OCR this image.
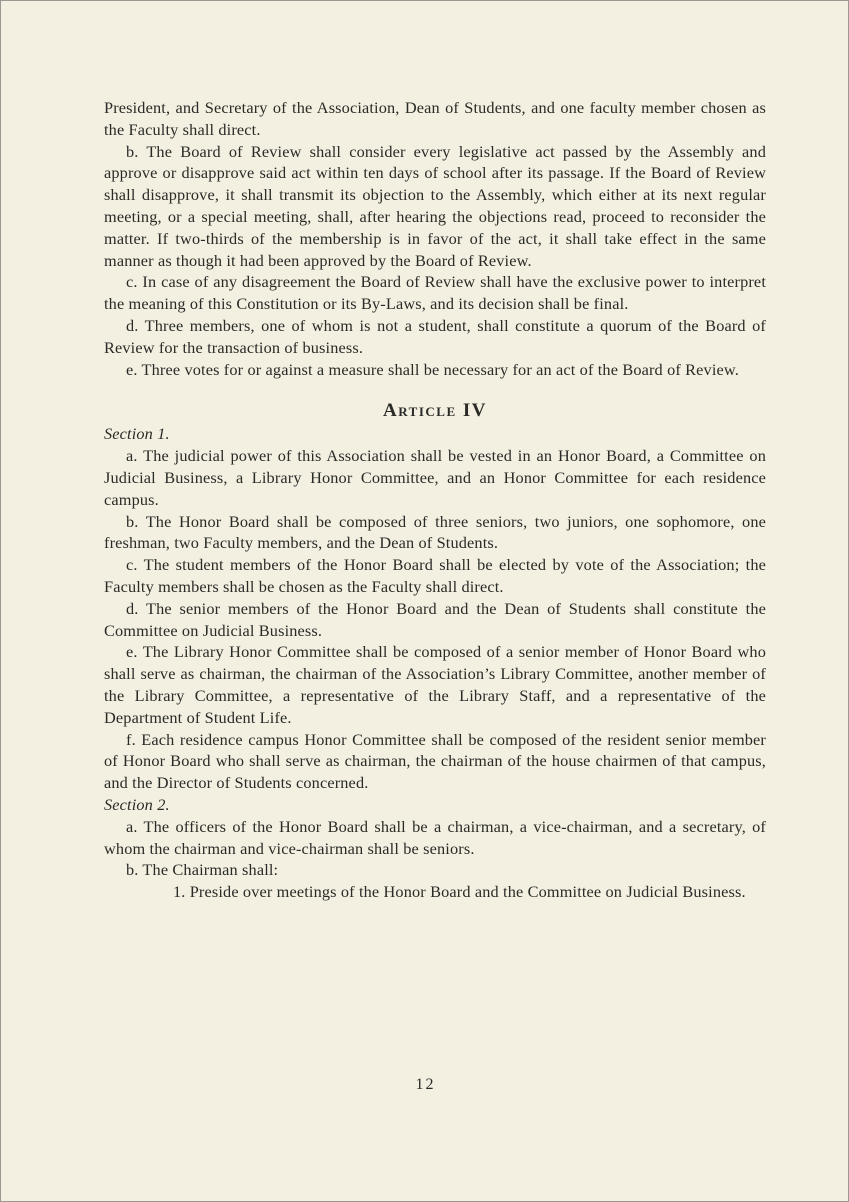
President, and Secretary of the Association, Dean of Students, and one faculty member chosen as the Faculty shall direct.

b. The Board of Review shall consider every legislative act passed by the Assembly and approve or disapprove said act within ten days of school after its passage. If the Board of Review shall disapprove, it shall transmit its objection to the Assembly, which either at its next regular meeting, or a special meeting, shall, after hearing the objections read, proceed to reconsider the matter. If two-thirds of the membership is in favor of the act, it shall take effect in the same manner as though it had been approved by the Board of Review.

c. In case of any disagreement the Board of Review shall have the exclusive power to interpret the meaning of this Constitution or its By-Laws, and its decision shall be final.

d. Three members, one of whom is not a student, shall constitute a quorum of the Board of Review for the transaction of business.

e. Three votes for or against a measure shall be necessary for an act of the Board of Review.

Article IV

Section 1.

a. The judicial power of this Association shall be vested in an Honor Board, a Committee on Judicial Business, a Library Honor Committee, and an Honor Committee for each residence campus.

b. The Honor Board shall be composed of three seniors, two juniors, one sophomore, one freshman, two Faculty members, and the Dean of Students.

c. The student members of the Honor Board shall be elected by vote of the Association; the Faculty members shall be chosen as the Faculty shall direct.

d. The senior members of the Honor Board and the Dean of Students shall constitute the Committee on Judicial Business.

e. The Library Honor Committee shall be composed of a senior member of Honor Board who shall serve as chairman, the chairman of the Association’s Library Committee, another member of the Library Committee, a representative of the Library Staff, and a representative of the Department of Student Life.

f. Each residence campus Honor Committee shall be composed of the resident senior member of Honor Board who shall serve as chairman, the chairman of the house chairmen of that campus, and the Director of Students concerned.

Section 2.

a. The officers of the Honor Board shall be a chairman, a vice-chairman, and a secretary, of whom the chairman and vice-chairman shall be seniors.

b. The Chairman shall:

1. Preside over meetings of the Honor Board and the Committee on Judicial Business.

12
